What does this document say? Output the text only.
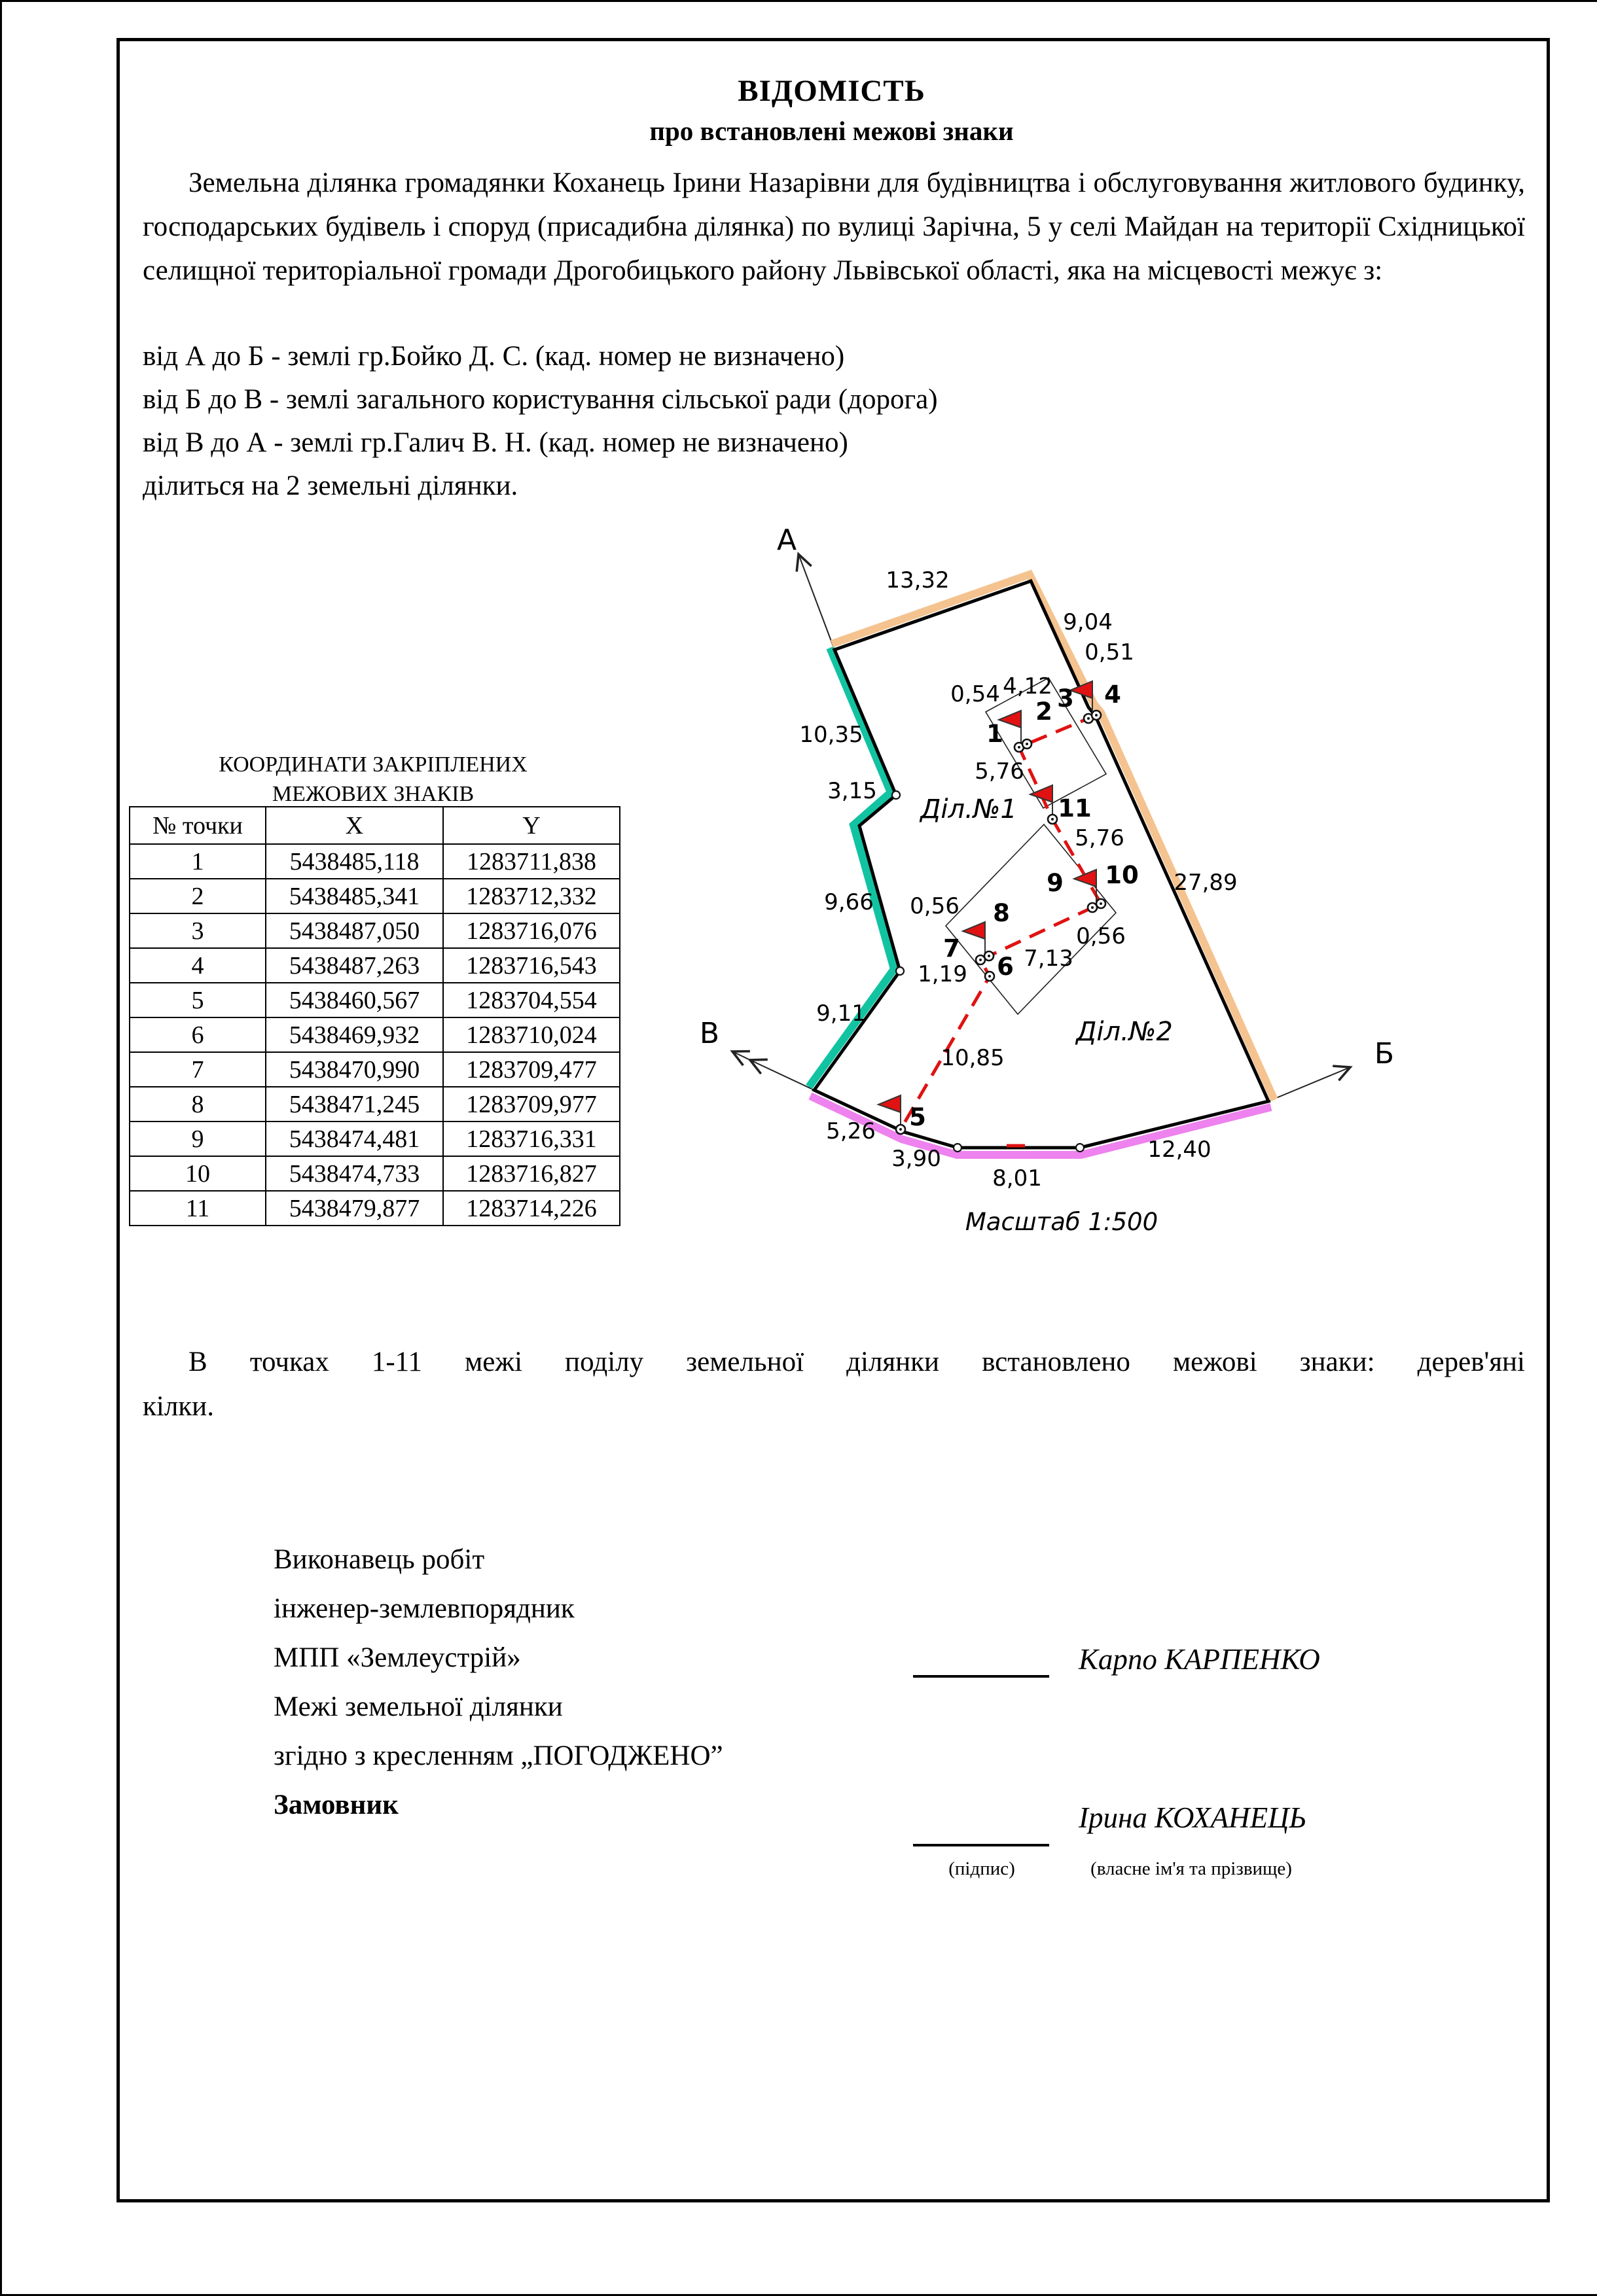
ВІДОМІСТЬ
про встановлені межові знаки
Земельна ділянка громадянки Коханець Ірини Назарівни для будівництва і обслуговування житлового будинку, господарських будівель і споруд (присадибна ділянка) по вулиці Зарічна, 5 у селі Майдан на території Східницької селищної територіальної громади Дрогобицького району Львівської області, яка на місцевості межує з:
від А до Б - землі гр.Бойко Д. С. (кад. номер не визначено)
від Б до В - землі загального користування сільської ради (дорога)
від В до А - землі гр.Галич В. Н. (кад. номер не визначено)
ділиться на 2 земельні ділянки.
КООРДИНАТИ ЗАКРІПЛЕНИХ
МЕЖОВИХ ЗНАКІВ
№ точки	X	Y
1	5438485,118	1283711,838
2	5438485,341	1283712,332
3	5438487,050	1283716,076
4	5438487,263	1283716,543
5	5438460,567	1283704,554
6	5438469,932	1283710,024
7	5438470,990	1283709,477
8	5438471,245	1283709,977
9	5438474,481	1283716,331
10	5438474,733	1283716,827
11	5438479,877	1283714,226
13,32
9,04
0,51
4,12
0,54
5,76
5,76
27,89
0,56
0,56
7,13
1,19
10,85
5,26
3,90
8,01
12,40
10,35
3,15
9,66
9,11
1
2 3 4
5
6
7
8
9 10
11
Діл.№1
Діл.№2
А
Б
В
Масштаб 1:500
В точках 1-11 межі поділу земельної ділянки встановлено межові знаки: дерев'яні
кілки.
Виконавець робіт
інженер-землевпорядник
МПП «Землеустрій»
Межі земельної ділянки
згідно з кресленням „ПОГОДЖЕНО”
Замовник
Карпо КАРПЕНКО
Ірина КОХАНЕЦЬ
(підпис)	(власне ім'я та прізвище)
